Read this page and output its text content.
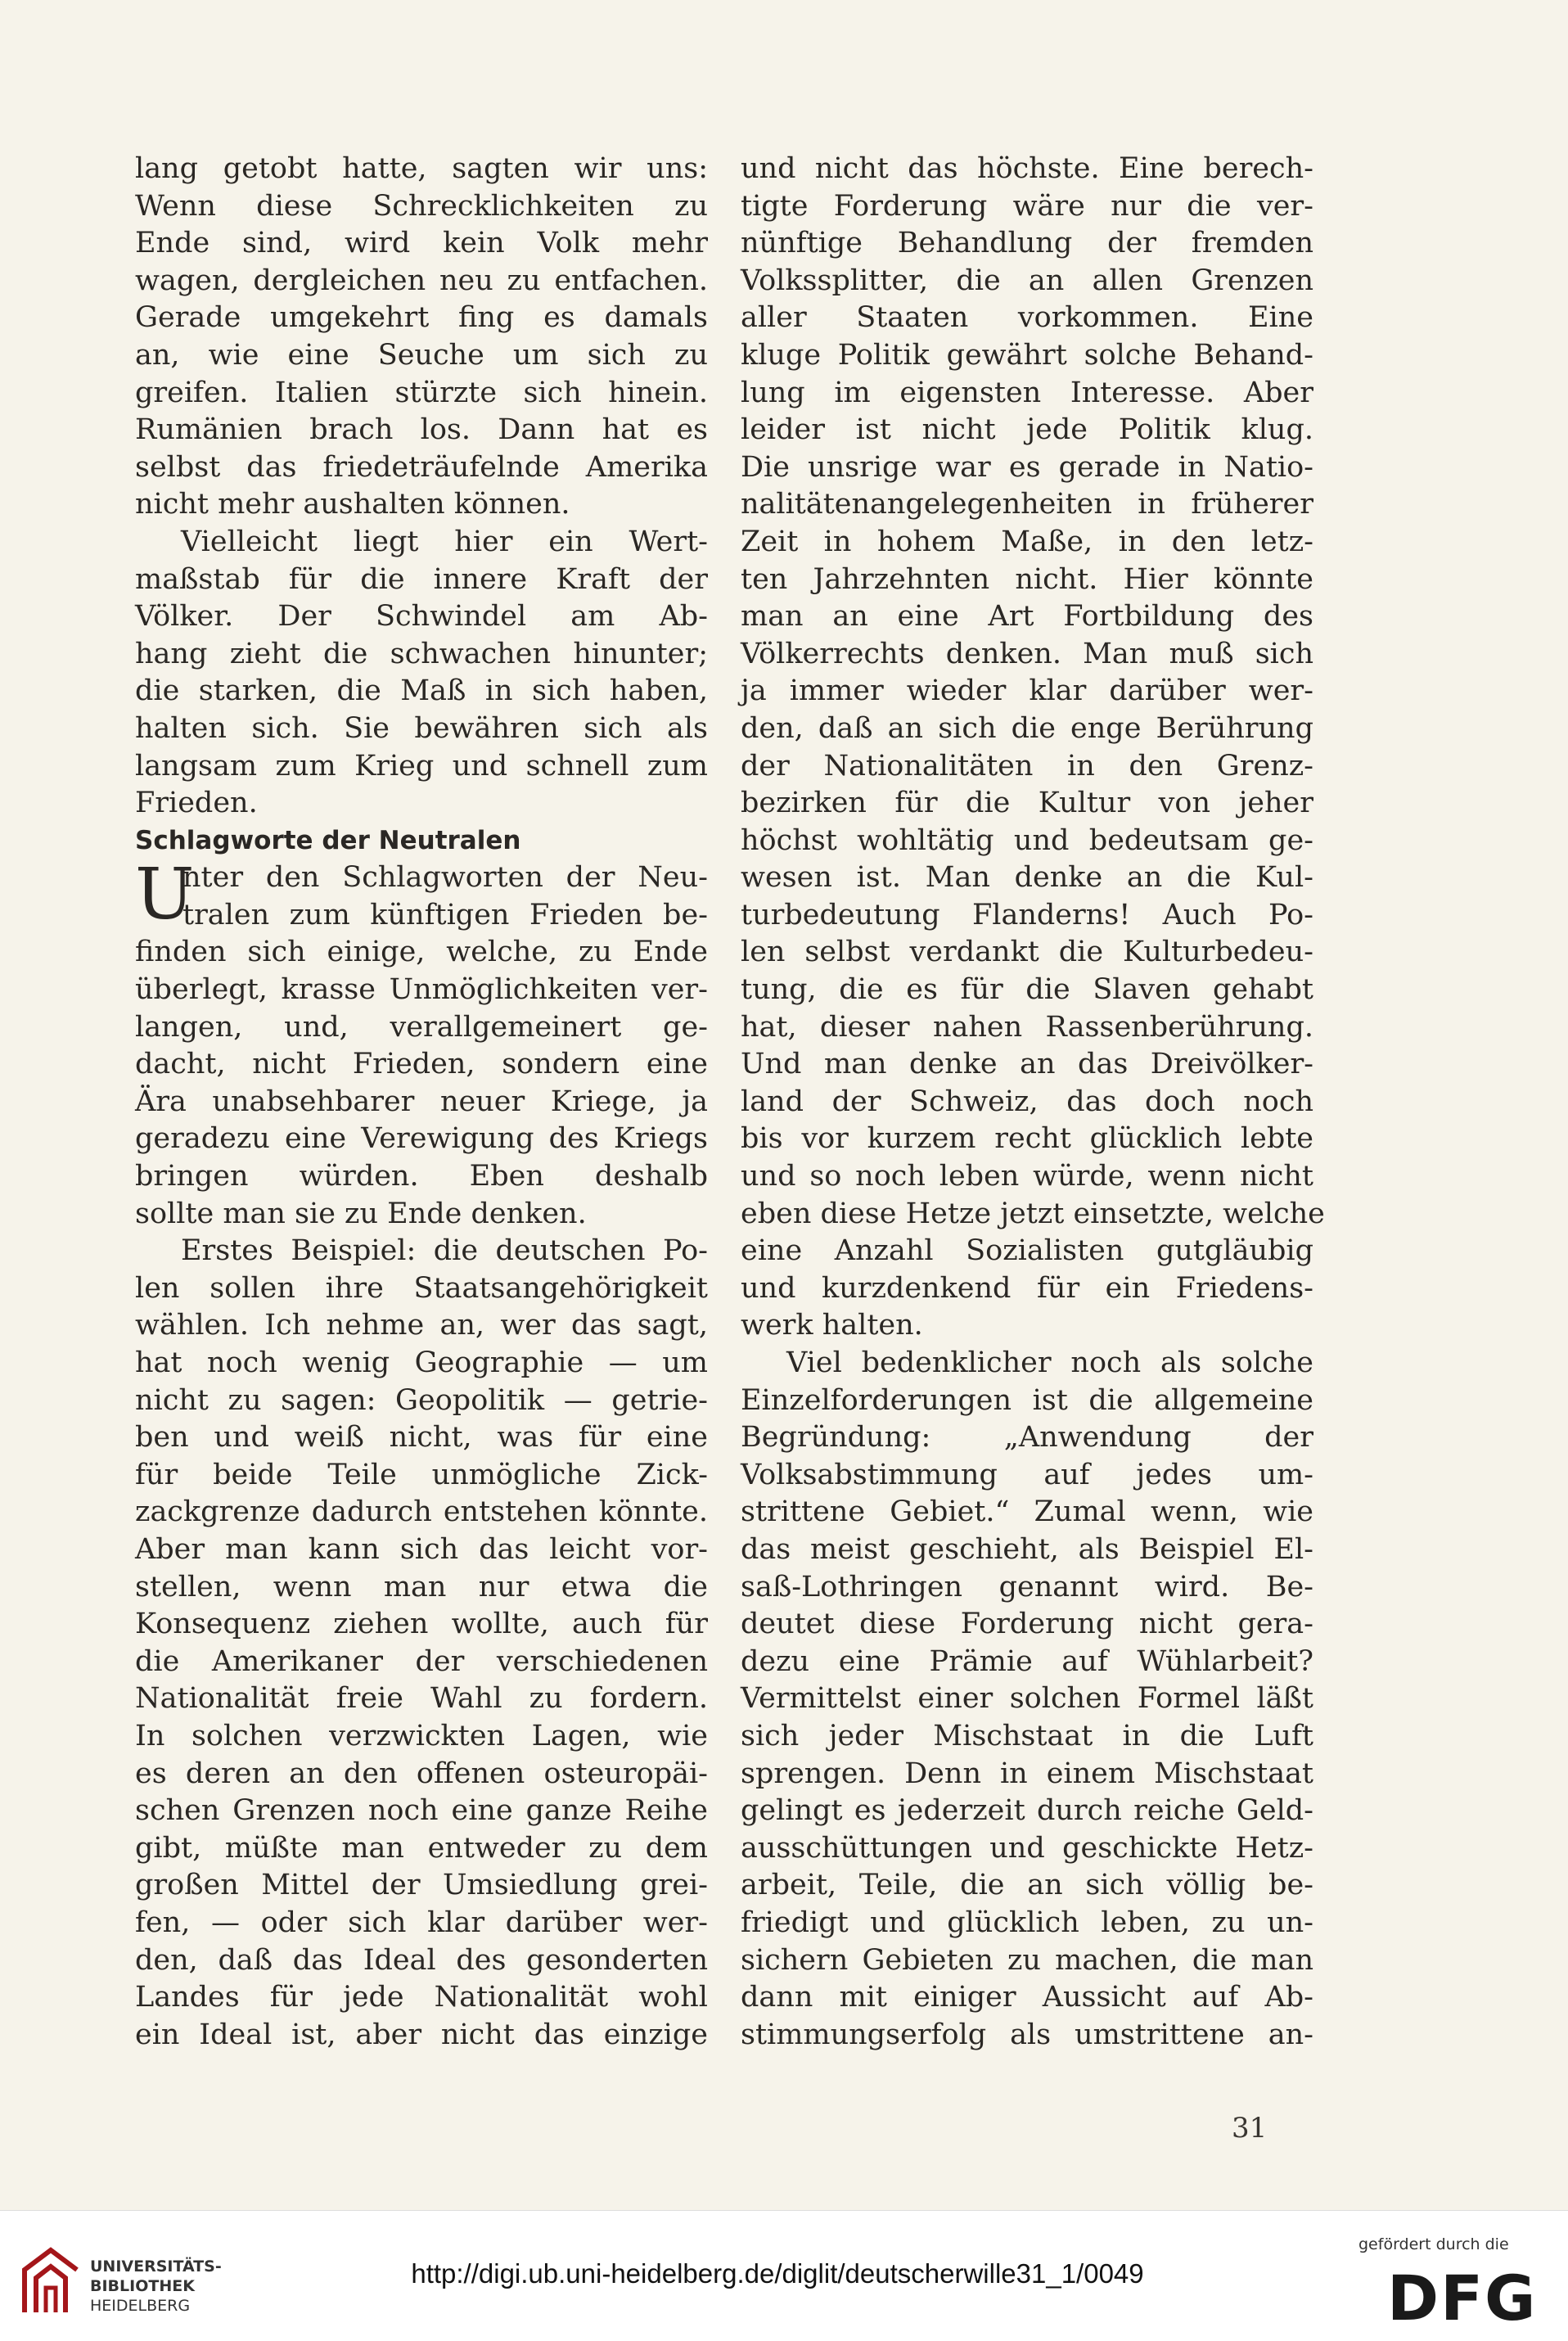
lang getobt hatte, sagten wir uns:
Wenn diese Schrecklichkeiten zu
Ende sind, wird kein Volk mehr
wagen, dergleichen neu zu entfachen.
Gerade umgekehrt fing es damals
an, wie eine Seuche um sich zu
greifen. Italien stürzte sich hinein.
Rumänien brach los. Dann hat es
selbst das friedeträufelnde Amerika
nicht mehr aushalten können.
Vielleicht liegt hier ein Wert-
maßstab für die innere Kraft der
Völker. Der Schwindel am Ab-
hang zieht die schwachen hinunter;
die starken, die Maß in sich haben,
halten sich. Sie bewähren sich als
langsam zum Krieg und schnell zum
Frieden.
Schlagworte der Neutralen
U
nter den Schlagworten der Neu-
tralen zum künftigen Frieden be-
finden sich einige, welche, zu Ende
überlegt, krasse Unmöglichkeiten ver-
langen, und, verallgemeinert ge-
dacht, nicht Frieden, sondern eine
Ära unabsehbarer neuer Kriege, ja
geradezu eine Verewigung des Kriegs
bringen würden. Eben deshalb
sollte man sie zu Ende denken.
Erstes Beispiel: die deutschen Po-
len sollen ihre Staatsangehörigkeit
wählen. Ich nehme an, wer das sagt,
hat noch wenig Geographie — um
nicht zu sagen: Geopolitik — getrie-
ben und weiß nicht, was für eine
für beide Teile unmögliche Zick-
zackgrenze dadurch entstehen könnte.
Aber man kann sich das leicht vor-
stellen, wenn man nur etwa die
Konsequenz ziehen wollte, auch für
die Amerikaner der verschiedenen
Nationalität freie Wahl zu fordern.
In solchen verzwickten Lagen, wie
es deren an den offenen osteuropäi-
schen Grenzen noch eine ganze Reihe
gibt, müßte man entweder zu dem
großen Mittel der Umsiedlung grei-
fen, — oder sich klar darüber wer-
den, daß das Ideal des gesonderten
Landes für jede Nationalität wohl
ein Ideal ist, aber nicht das einzige
und nicht das höchste. Eine berech-
tigte Forderung wäre nur die ver-
nünftige Behandlung der fremden
Volkssplitter, die an allen Grenzen
aller Staaten vorkommen. Eine
kluge Politik gewährt solche Behand-
lung im eigensten Interesse. Aber
leider ist nicht jede Politik klug.
Die unsrige war es gerade in Natio-
nalitätenangelegenheiten in früherer
Zeit in hohem Maße, in den letz-
ten Jahrzehnten nicht. Hier könnte
man an eine Art Fortbildung des
Völkerrechts denken. Man muß sich
ja immer wieder klar darüber wer-
den, daß an sich die enge Berührung
der Nationalitäten in den Grenz-
bezirken für die Kultur von jeher
höchst wohltätig und bedeutsam ge-
wesen ist. Man denke an die Kul-
turbedeutung Flanderns! Auch Po-
len selbst verdankt die Kulturbedeu-
tung, die es für die Slaven gehabt
hat, dieser nahen Rassenberührung.
Und man denke an das Dreivölker-
land der Schweiz, das doch noch
bis vor kurzem recht glücklich lebte
und so noch leben würde, wenn nicht
eben diese Hetze jetzt einsetzte, welche
eine Anzahl Sozialisten gutgläubig
und kurzdenkend für ein Friedens-
werk halten.
Viel bedenklicher noch als solche
Einzelforderungen ist die allgemeine
Begründung: „Anwendung der
Volksabstimmung auf jedes um-
strittene Gebiet.“ Zumal wenn, wie
das meist geschieht, als Beispiel El-
saß-Lothringen genannt wird. Be-
deutet diese Forderung nicht gera-
dezu eine Prämie auf Wühlarbeit?
Vermittelst einer solchen Formel läßt
sich jeder Mischstaat in die Luft
sprengen. Denn in einem Mischstaat
gelingt es jederzeit durch reiche Geld-
ausschüttungen und geschickte Hetz-
arbeit, Teile, die an sich völlig be-
friedigt und glücklich leben, zu un-
sichern Gebieten zu machen, die man
dann mit einiger Aussicht auf Ab-
stimmungserfolg als umstrittene an-
31
UNIVERSITÄTS-
BIBLIOTHEK
HEIDELBERG
http://digi.ub.uni-heidelberg.de/diglit/deutscherwille31_1/0049
gefördert durch die
DFG
